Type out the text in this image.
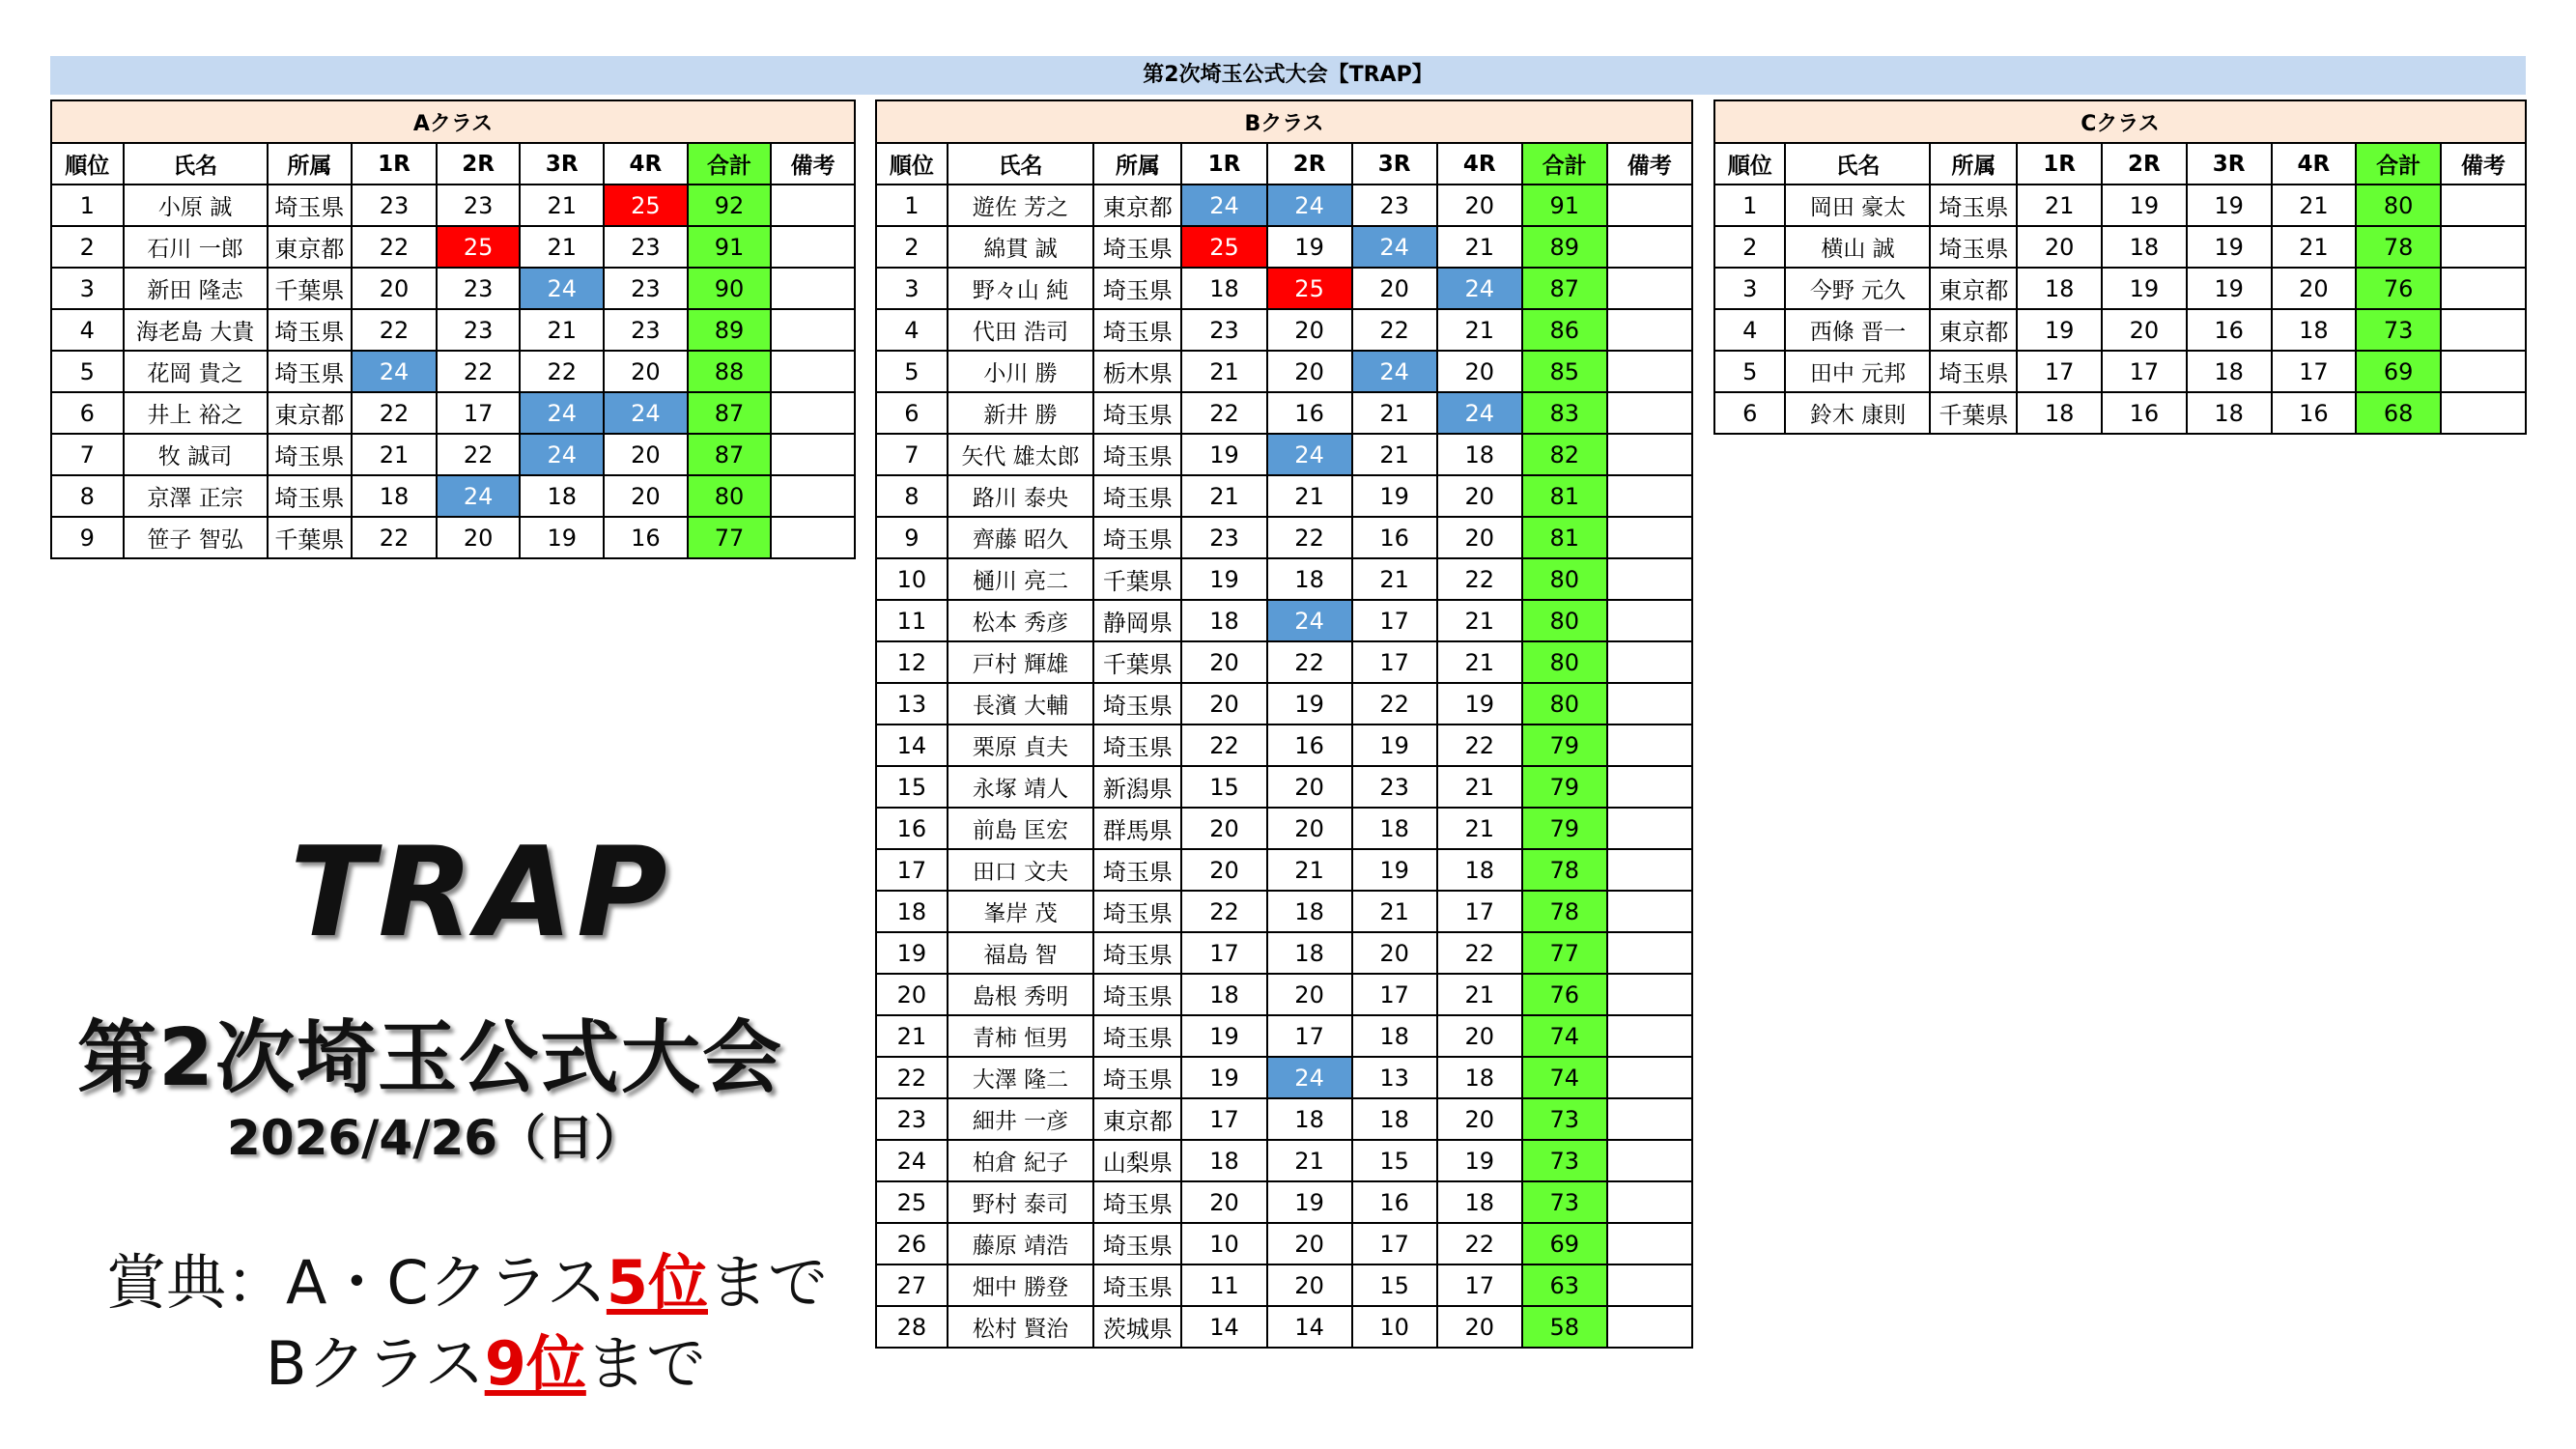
第2次埼玉公式大会【TRAP】
Aクラス								
順位	氏名	所属	1R	2R	3R	4R	合計	備考
1	小原 誠	埼玉県	23	23	21	25	92	
2	石川 一郎	東京都	22	25	21	23	91	
3	新田 隆志	千葉県	20	23	24	23	90	
4	海老島 大貴	埼玉県	22	23	21	23	89	
5	花岡 貴之	埼玉県	24	22	22	20	88	
6	井上 裕之	東京都	22	17	24	24	87	
7	牧 誠司	埼玉県	21	22	24	20	87	
8	京澤 正宗	埼玉県	18	24	18	20	80	
9	笹子 智弘	千葉県	22	20	19	16	77	
Bクラス								
順位	氏名	所属	1R	2R	3R	4R	合計	備考
1	遊佐 芳之	東京都	24	24	23	20	91	
2	綿貫 誠	埼玉県	25	19	24	21	89	
3	野々山 純	埼玉県	18	25	20	24	87	
4	代田 浩司	埼玉県	23	20	22	21	86	
5	小川 勝	栃木県	21	20	24	20	85	
6	新井 勝	埼玉県	22	16	21	24	83	
7	矢代 雄太郎	埼玉県	19	24	21	18	82	
8	路川 泰央	埼玉県	21	21	19	20	81	
9	齊藤 昭久	埼玉県	23	22	16	20	81	
10	樋川 亮二	千葉県	19	18	21	22	80	
11	松本 秀彦	静岡県	18	24	17	21	80	
12	戸村 輝雄	千葉県	20	22	17	21	80	
13	長濱 大輔	埼玉県	20	19	22	19	80	
14	栗原 貞夫	埼玉県	22	16	19	22	79	
15	永塚 靖人	新潟県	15	20	23	21	79	
16	前島 匡宏	群馬県	20	20	18	21	79	
17	田口 文夫	埼玉県	20	21	19	18	78	
18	峯岸 茂	埼玉県	22	18	21	17	78	
19	福島 智	埼玉県	17	18	20	22	77	
20	島根 秀明	埼玉県	18	20	17	21	76	
21	青柿 恒男	埼玉県	19	17	18	20	74	
22	大澤 隆二	埼玉県	19	24	13	18	74	
23	細井 一彦	東京都	17	18	18	20	73	
24	柏倉 紀子	山梨県	18	21	15	19	73	
25	野村 泰司	埼玉県	20	19	16	18	73	
26	藤原 靖浩	埼玉県	10	20	17	22	69	
27	畑中 勝登	埼玉県	11	20	15	17	63	
28	松村 賢治	茨城県	14	14	10	20	58	
Cクラス								
順位	氏名	所属	1R	2R	3R	4R	合計	備考
1	岡田 豪太	埼玉県	21	19	19	21	80	
2	横山 誠	埼玉県	20	18	19	21	78	
3	今野 元久	東京都	18	19	19	20	76	
4	西條 晋一	東京都	19	20	16	18	73	
5	田中 元邦	埼玉県	17	17	18	17	69	
6	鈴木 康則	千葉県	18	16	18	16	68	
TRAP
第2次埼玉公式大会
2026/4/26（日）
賞典：A・Cクラス5位まで
Bクラス9位まで
